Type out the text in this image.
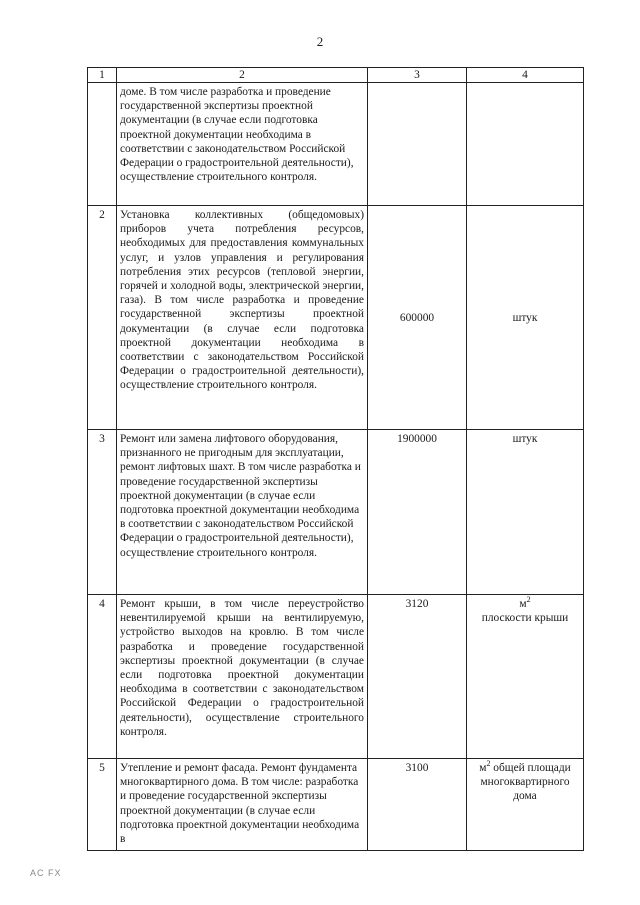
2
1	2	3	4
	доме. В том числе разработка и проведение государственной экспертизы проектной документации (в случае если подготовка проектной документации необходима в соответствии с законодательством Российской Федерации о градостроительной деятельности), осуществление строительного контроля.		
2	Установка коллективных (общедомовых) приборов учета потребления ресурсов, необходимых для предоставления коммунальных услуг, и узлов управления и регулирования потребления этих ресурсов (тепловой энергии, горячей и холодной воды, электрической энергии, газа). В том числе разработка и проведение государственной экспертизы проектной документации (в случае если подготовка проектной документации необходима в соответствии с законодательством Российской Федерации о градостроительной деятельности), осуществление строительного контроля.	600000	штук
3	Ремонт или замена лифтового оборудования, признанного не пригодным для эксплуатации, ремонт лифтовых шахт. В том числе разработка и проведение государственной экспертизы проектной документации (в случае если подготовка проектной документации необходима в соответствии с законодательством Российской Федерации о градостроительной деятельности), осуществление строительного контроля.	1900000	штук
4	Ремонт крыши, в том числе переустройство невентилируемой крыши на вентилируемую, устройство выходов на кровлю. В том числе разработка и проведение государственной экспертизы проектной документации (в случае если подготовка проектной документации необходима в соответствии с законодательством Российской Федерации о градостроительной деятельности), осуществление строительного контроля.	3120	$м^2$
плоскости крыши
5	Утепление и ремонт фасада. Ремонт фундамента многоквартирного дома. В том числе: разработка и проведение государственной экспертизы проектной документации (в случае если подготовка проектной документации необходима в	3100	$м^2$ общей площади многоквартирного дома
AC FX
